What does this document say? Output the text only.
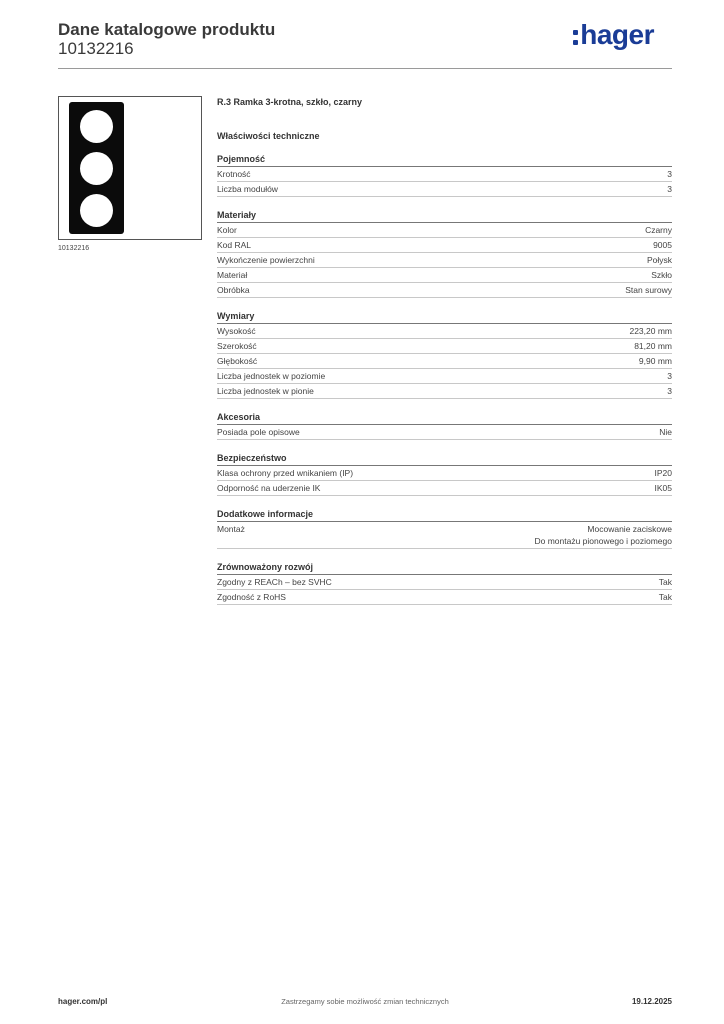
Dane katalogowe produktu
10132216	hager
10132216
R.3 Ramka 3-krotna, szkło, czarny
Właściwości techniczne
Pojemność
Krotność	3
Liczba modułów	3
Materiały
Kolor	Czarny
Kod RAL	9005
Wykończenie powierzchni	Połysk
Materiał	Szkło
Obróbka	Stan surowy
Wymiary
Wysokość	223,20 mm
Szerokość	81,20 mm
Głębokość	9,90 mm
Liczba jednostek w poziomie	3
Liczba jednostek w pionie	3
Akcesoria
Posiada pole opisowe	Nie
Bezpieczeństwo
Klasa ochrony przed wnikaniem (IP)	IP20
Odporność na uderzenie IK	IK05
Dodatkowe informacje
Montaż	Mocowanie zaciskowe
Do montażu pionowego i poziomego
Zrównoważony rozwój
Zgodny z REACh – bez SVHC	Tak
Zgodność z RoHS	Tak
hager.com/pl	Zastrzegamy sobie możliwość zmian technicznych	19.12.2025
